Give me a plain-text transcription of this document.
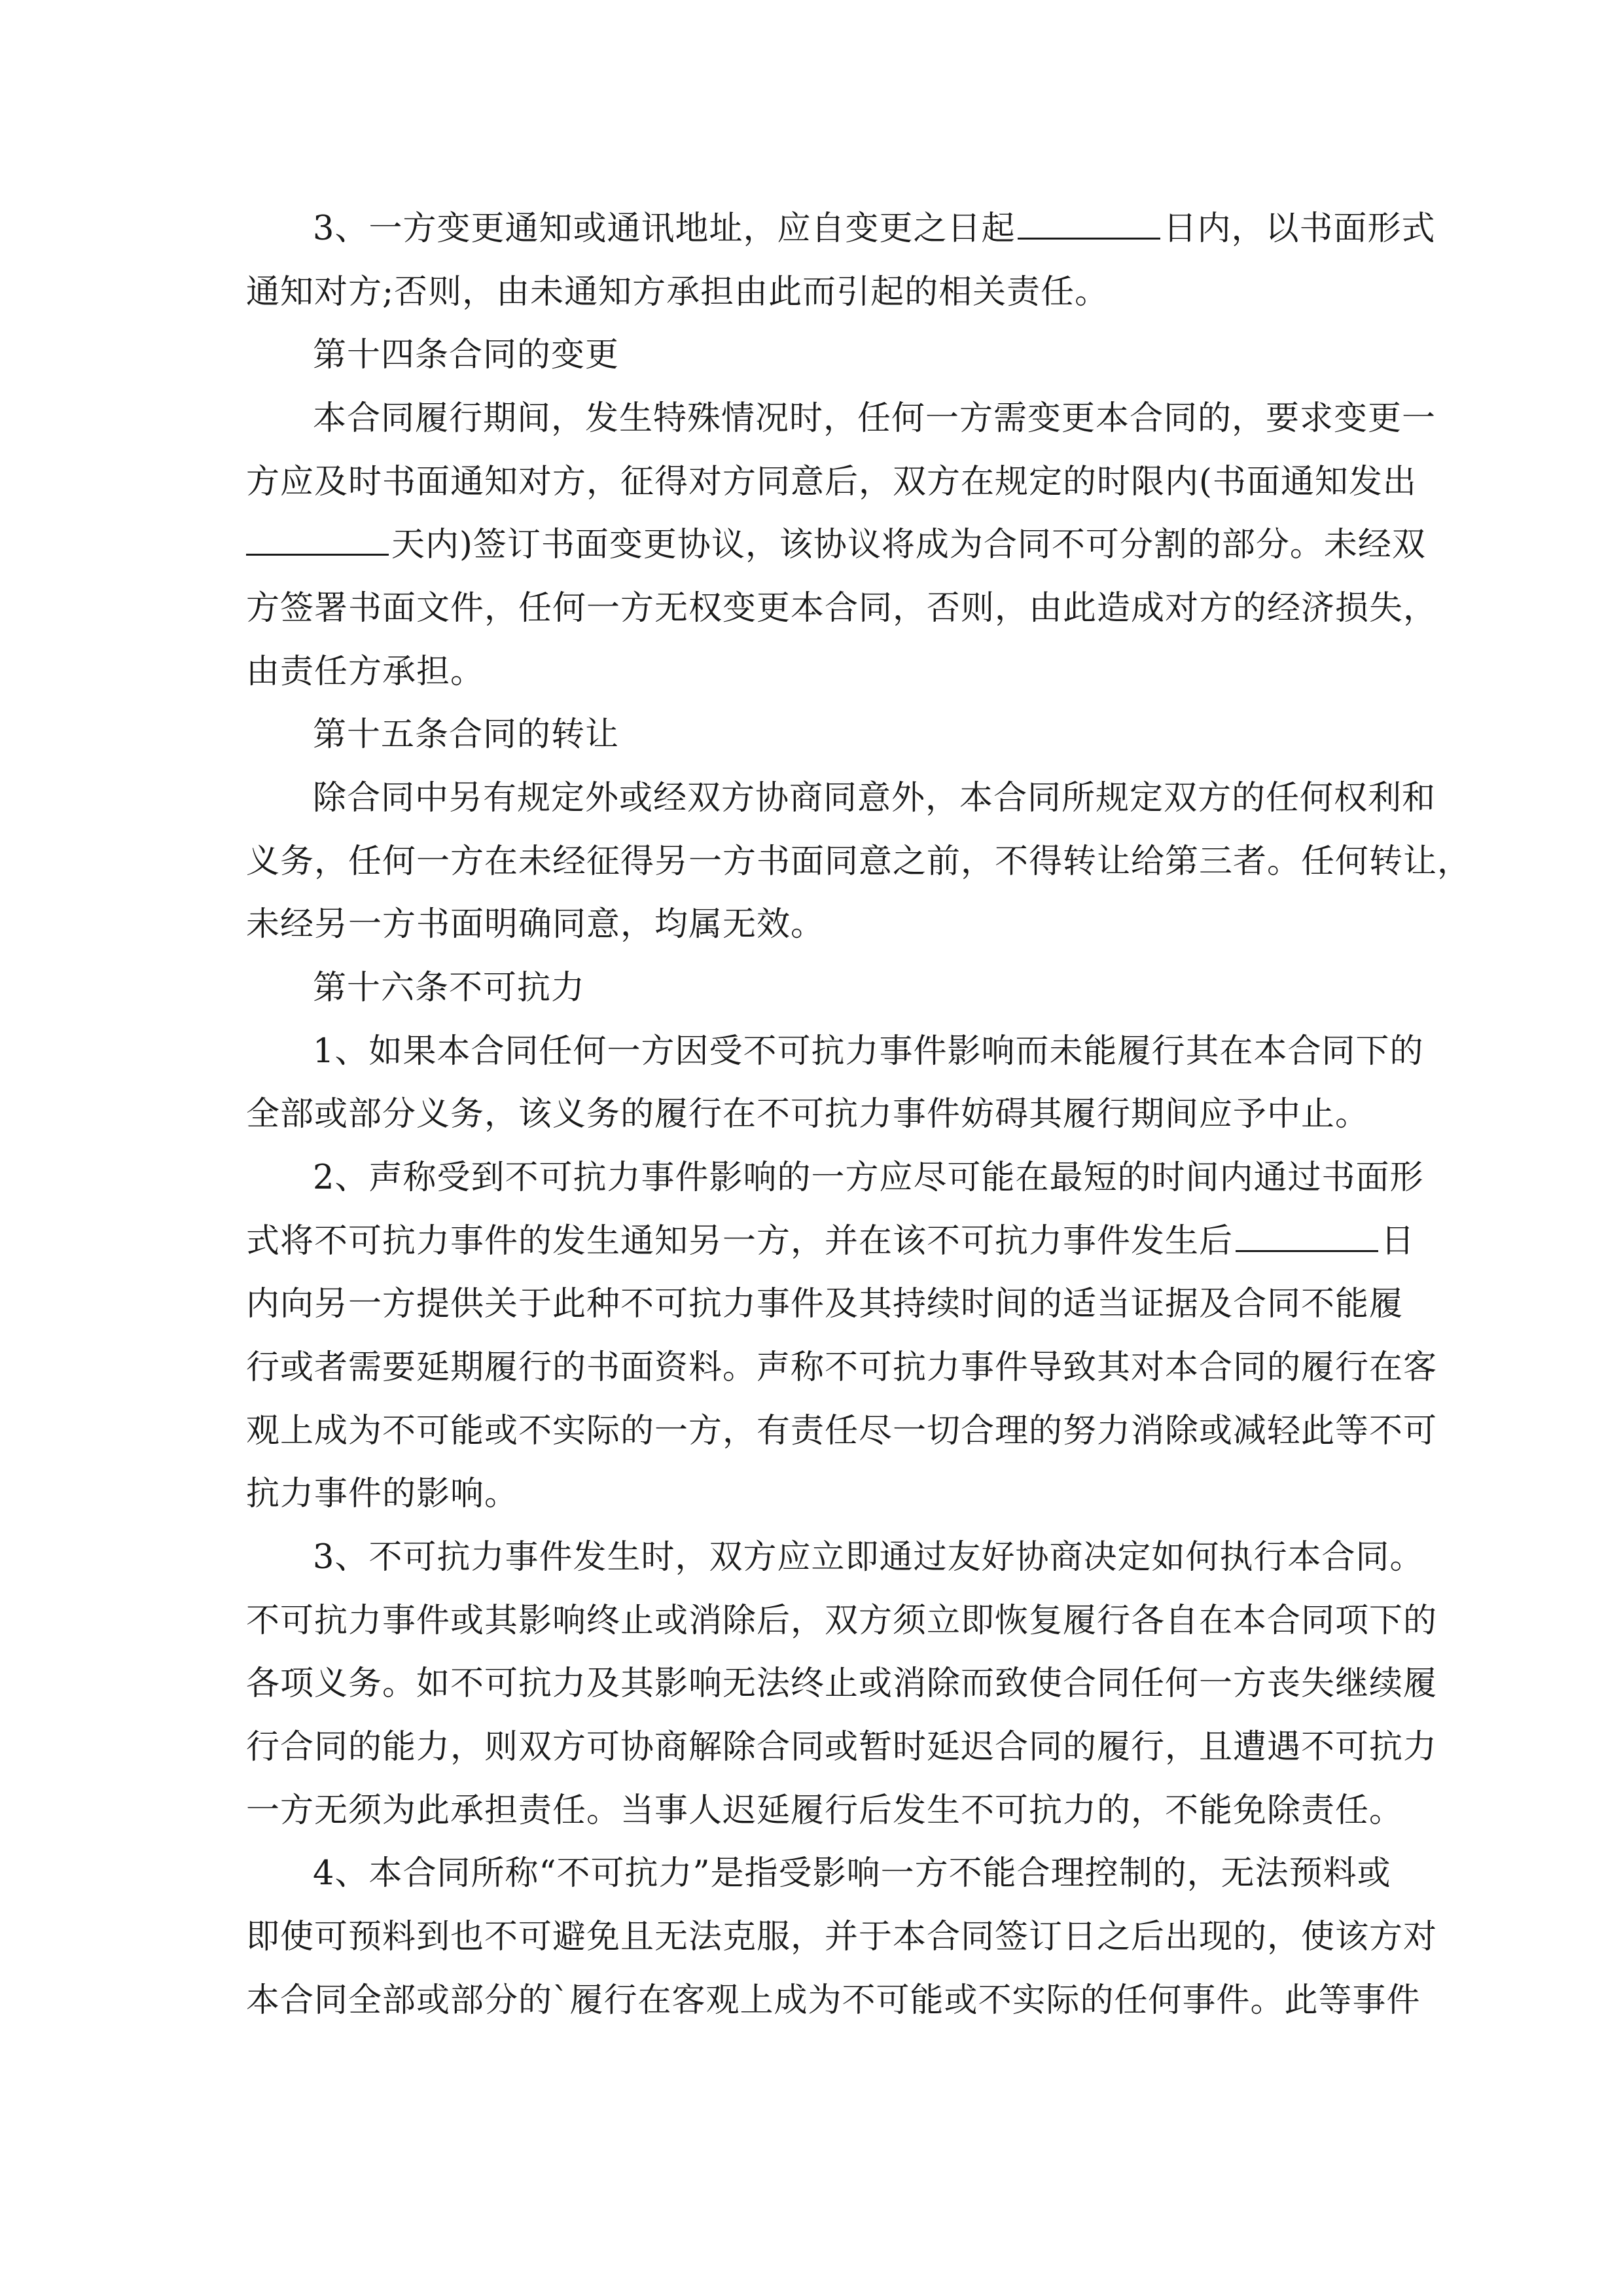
3、一方变更通知或通讯地址，应自变更之日起	日内，以书面形式
通知对方;否则，由未通知方承担由此而引起的相关责任。
第十四条合同的变更
本合同履行期间，发生特殊情况时，任何一方需变更本合同的，要求变更一
方应及时书面通知对方，征得对方同意后，双方在规定的时限内(书面通知发出
天内)签订书面变更协议，该协议将成为合同不可分割的部分。未经双
方签署书面文件，任何一方无权变更本合同，否则，由此造成对方的经济损失，
由责任方承担。
第十五条合同的转让
除合同中另有规定外或经双方协商同意外，本合同所规定双方的任何权利和
义务，任何一方在未经征得另一方书面同意之前，不得转让给第三者。任何转让，
未经另一方书面明确同意，均属无效。
第十六条不可抗力
1、如果本合同任何一方因受不可抗力事件影响而未能履行其在本合同下的
全部或部分义务，该义务的履行在不可抗力事件妨碍其履行期间应予中止。
2、声称受到不可抗力事件影响的一方应尽可能在最短的时间内通过书面形
式将不可抗力事件的发生通知另一方，并在该不可抗力事件发生后	日
内向另一方提供关于此种不可抗力事件及其持续时间的适当证据及合同不能履
行或者需要延期履行的书面资料。声称不可抗力事件导致其对本合同的履行在客
观上成为不可能或不实际的一方，有责任尽一切合理的努力消除或减轻此等不可
抗力事件的影响。
3、不可抗力事件发生时，双方应立即通过友好协商决定如何执行本合同。
不可抗力事件或其影响终止或消除后，双方须立即恢复履行各自在本合同项下的
各项义务。如不可抗力及其影响无法终止或消除而致使合同任何一方丧失继续履
行合同的能力，则双方可协商解除合同或暂时延迟合同的履行，且遭遇不可抗力
一方无须为此承担责任。当事人迟延履行后发生不可抗力的，不能免除责任。
4、本合同所称“不可抗力”是指受影响一方不能合理控制的，无法预料或
即使可预料到也不可避免且无法克服，并于本合同签订日之后出现的，使该方对
本合同全部或部分的`履行在客观上成为不可能或不实际的任何事件。此等事件
